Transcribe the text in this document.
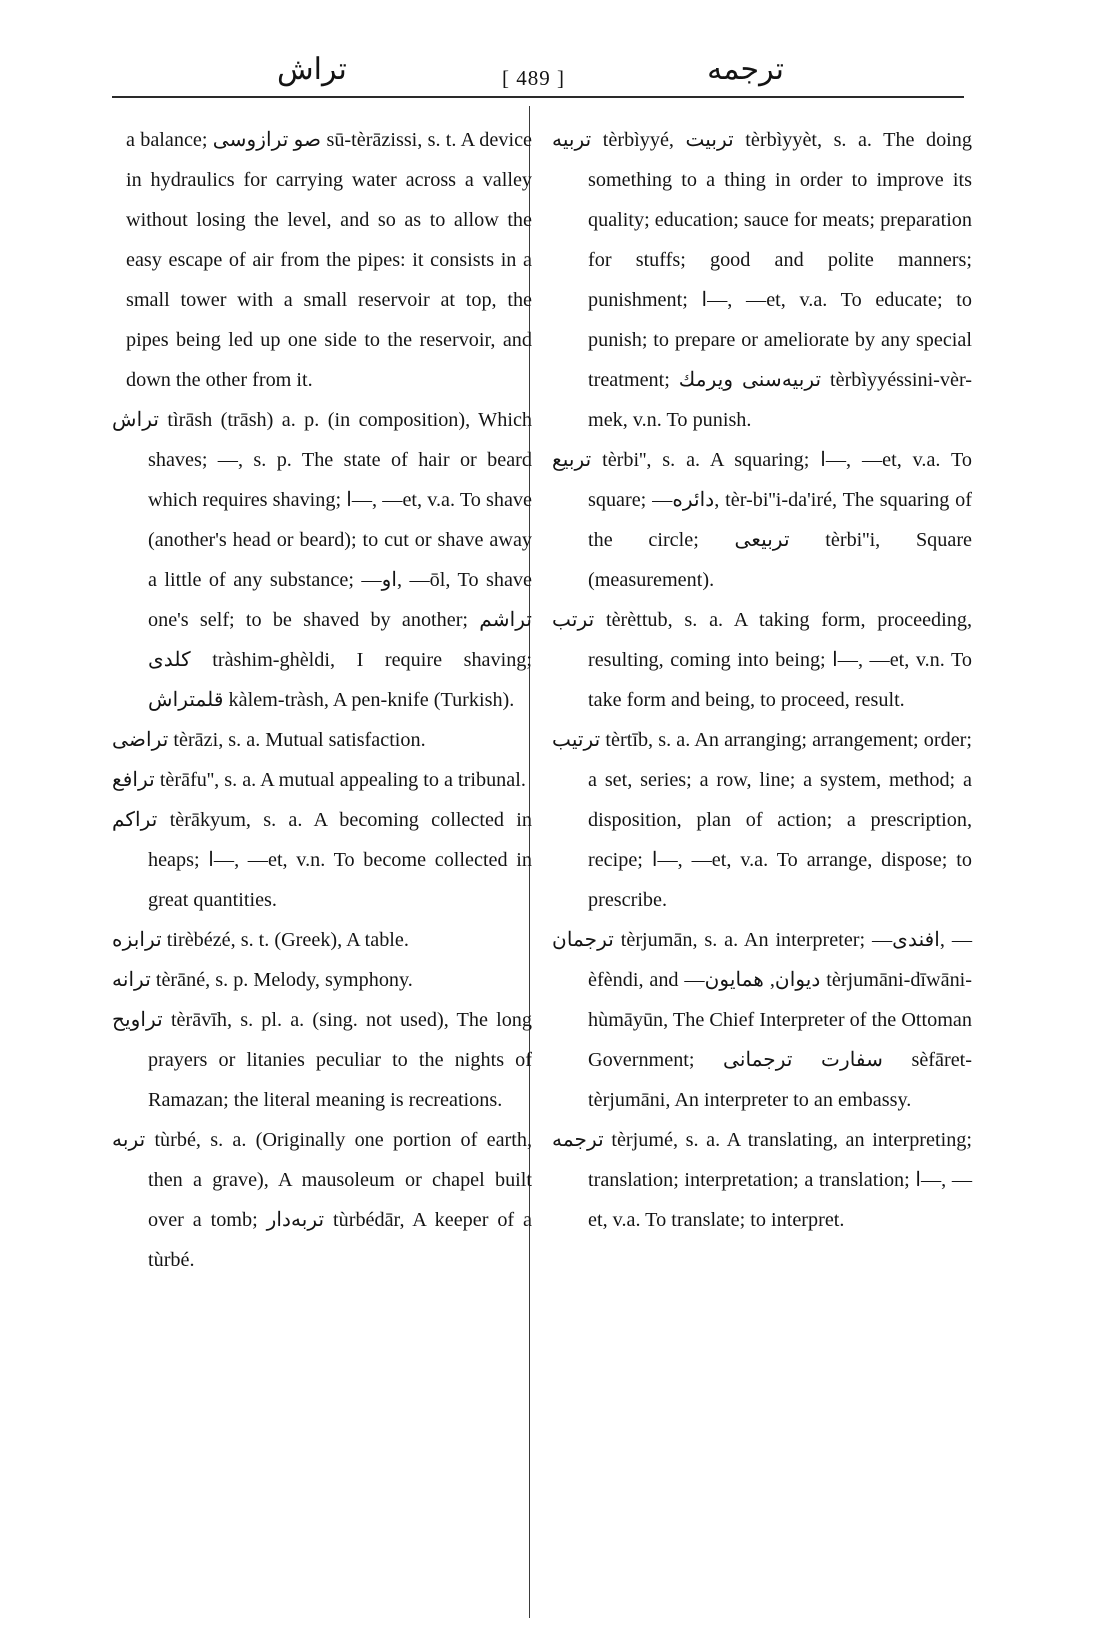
تراش	[ 489 ]	ترجمه

a balance; صو ترازوسى sū-tèrāzissi, s. t. A device in hydraulics for carrying water across a valley without losing the level, and so as to allow the easy escape of air from the pipes: it consists in a small tower with a small reservoir at top, the pipes being led up one side to the reservoir, and down the other from it.

تراش tìrāsh (trāsh) a. p. (in composition), Which shaves; —, s. p. The state of hair or beard which requires shaving; ا—, —et, v.a. To shave (another's head or beard); to cut or shave away a little of any substance; —او, —ōl, To shave one's self; to be shaved by another; تراشم كلدى tràshim-ghèldi, I require shaving; قلمتراش kàlem-tràsh, A pen-knife (Turkish).

تراضى tèrāzi, s. a. Mutual satisfaction.

ترافع tèrāfu'', s. a. A mutual appealing to a tribunal.

تراكم tèrākyum, s. a. A becoming collected in heaps; ا—, —et, v.n. To become collected in great quantities.

ترابزه tirèbézé, s. t. (Greek), A table.

ترانه tèrāné, s. p. Melody, symphony.

تراويح tèrāvīh, s. pl. a. (sing. not used), The long prayers or litanies peculiar to the nights of Ramazan; the literal meaning is recreations.

تربه tùrbé, s. a. (Originally one portion of earth, then a grave), A mausoleum or chapel built over a tomb; تربه‌دار tùrbédār, A keeper of a tùrbé.

تربيه tèrbìyyé, تربيت tèrbìyyèt, s. a. The doing something to a thing in order to improve its quality; education; sauce for meats; preparation for stuffs; good and polite manners; punishment; ا—, —et, v.a. To educate; to punish; to prepare or ameliorate by any special treatment; تربيه‌سنى ويرمك tèrbìyyéssini-vèr-mek, v.n. To punish.

تربيع tèrbi'', s. a. A squaring; ا—, —et, v.a. To square; —دائره, tèr-bi''i-da'iré, The squaring of the circle; تربيعى tèrbi''i, Square (measurement).

ترتب tèrèttub, s. a. A taking form, proceeding, resulting, coming into being; ا—, —et, v.n. To take form and being, to proceed, result.

ترتيب tèrtīb, s. a. An arranging; arrangement; order; a set, series; a row, line; a system, method; a disposition, plan of action; a prescription, recipe; ا—, —et, v.a. To arrange, dispose; to prescribe.

ترجمان tèrjumān, s. a. An interpreter; —افندى, —èfèndi, and —ديوان, همايون tèrjumāni-dīwāni-hùmāyūn, The Chief Interpreter of the Ottoman Government; سفارت ترجمانى sèfāret-tèrjumāni, An interpreter to an embassy.

ترجمه tèrjumé, s. a. A translating, an interpreting; translation; interpretation; a translation; ا—, —et, v.a. To translate; to interpret.
